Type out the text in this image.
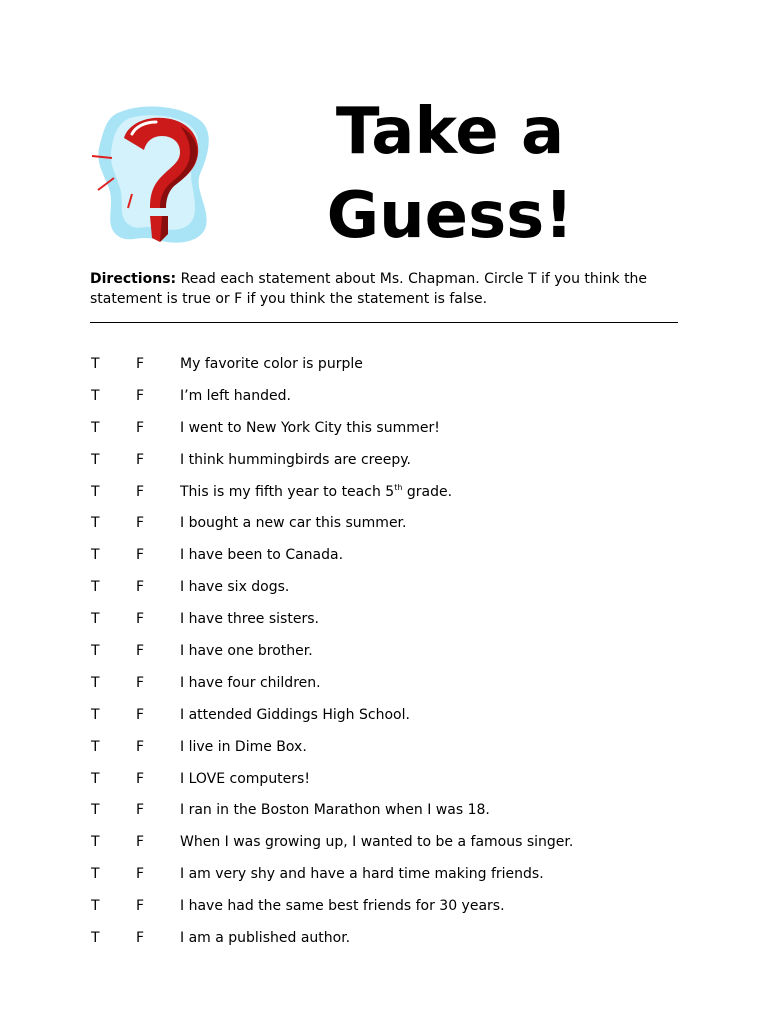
Take a
Guess!
Directions: Read each statement about Ms. Chapman. Circle T if you think the statement is true or F if you think the statement is false.
T	F	My favorite color is purple
T	F	I’m left handed.
T	F	I went to New York City this summer!
T	F	I think hummingbirds are creepy.
T	F	This is my fifth year to teach 5th grade.
T	F	I bought a new car this summer.
T	F	I have been to Canada.
T	F	I have six dogs.
T	F	I have three sisters.
T	F	I have one brother.
T	F	I have four children.
T	F	I attended Giddings High School.
T	F	I live in Dime Box.
T	F	I LOVE computers!
T	F	I ran in the Boston Marathon when I was 18.
T	F	When I was growing up, I wanted to be a famous singer.
T	F	I am very shy and have a hard time making friends.
T	F	I have had the same best friends for 30 years.
T	F	I am a published author.
